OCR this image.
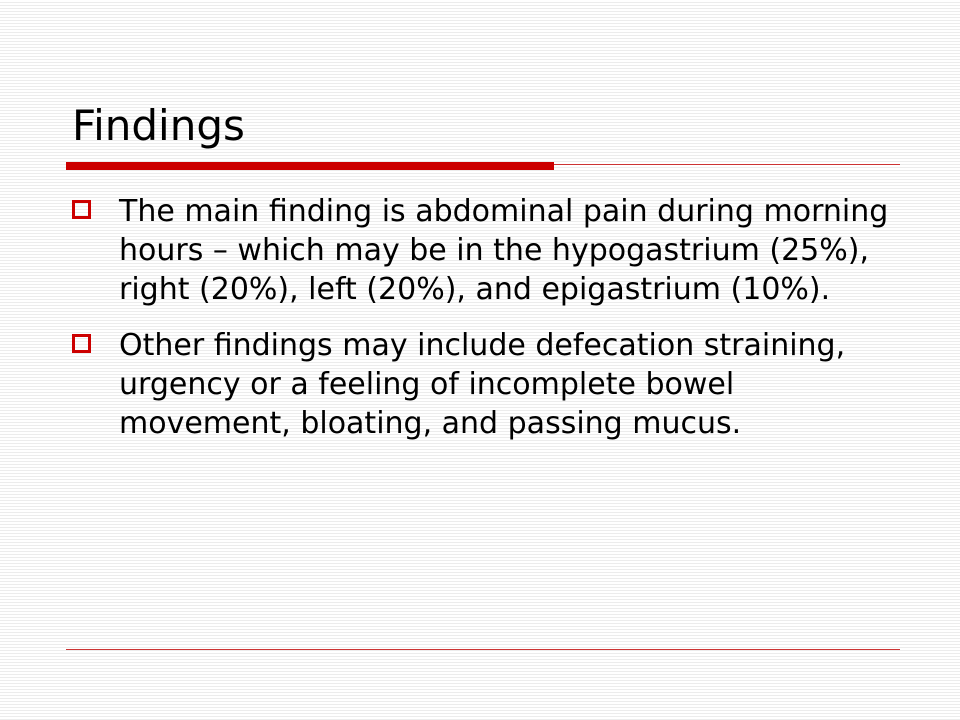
Findings
The main finding is abdominal pain during morning hours – which may be in the hypogastrium (25%), right (20%), left (20%), and epigastrium (10%).
Other findings may include defecation straining, urgency or a feeling of incomplete bowel movement, bloating, and passing mucus.
